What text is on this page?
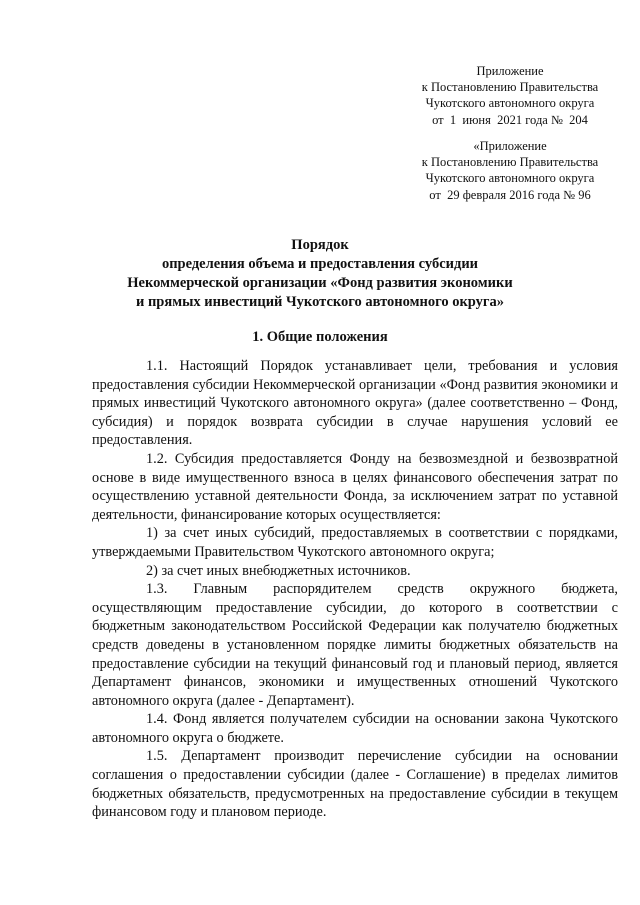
Приложение
к Постановлению Правительства
Чукотского автономного округа
от  1  июня  2021 года №  204
«Приложение
к Постановлению Правительства
Чукотского автономного округа
от  29 февраля 2016 года № 96
Порядок
определения объема и предоставления субсидии
Некоммерческой организации «Фонд развития экономики
и прямых инвестиций Чукотского автономного округа»
1. Общие положения

1.1. Настоящий Порядок устанавливает цели, требования и условия предоставления субсидии Некоммерческой организации «Фонд развития экономики и прямых инвестиций Чукотского автономного округа» (далее соответственно – Фонд, субсидия) и порядок возврата субсидии в случае нарушения условий ее предоставления.

1.2. Субсидия предоставляется Фонду на безвозмездной и безвозвратной основе в виде имущественного взноса в целях финансового обеспечения затрат по осуществлению уставной деятельности Фонда, за исключением затрат по уставной деятельности, финансирование которых осуществляется:

1) за счет иных субсидий, предоставляемых в соответствии с порядками, утверждаемыми Правительством Чукотского автономного округа;

2) за счет иных внебюджетных источников.

1.3. Главным распорядителем средств окружного бюджета, осуществляющим предоставление субсидии, до которого в соответствии с бюджетным законодательством Российской Федерации как получателю бюджетных средств доведены в установленном порядке лимиты бюджетных обязательств на предоставление субсидии на текущий финансовый год и плановый период, является Департамент финансов, экономики и имущественных отношений Чукотского автономного округа (далее - Департамент).

1.4. Фонд является получателем субсидии на основании закона Чукотского автономного округа о бюджете.

1.5. Департамент производит перечисление субсидии на основании соглашения о предоставлении субсидии (далее - Соглашение) в пределах лимитов бюджетных обязательств, предусмотренных на предоставление субсидии в текущем финансовом году и плановом периоде.
